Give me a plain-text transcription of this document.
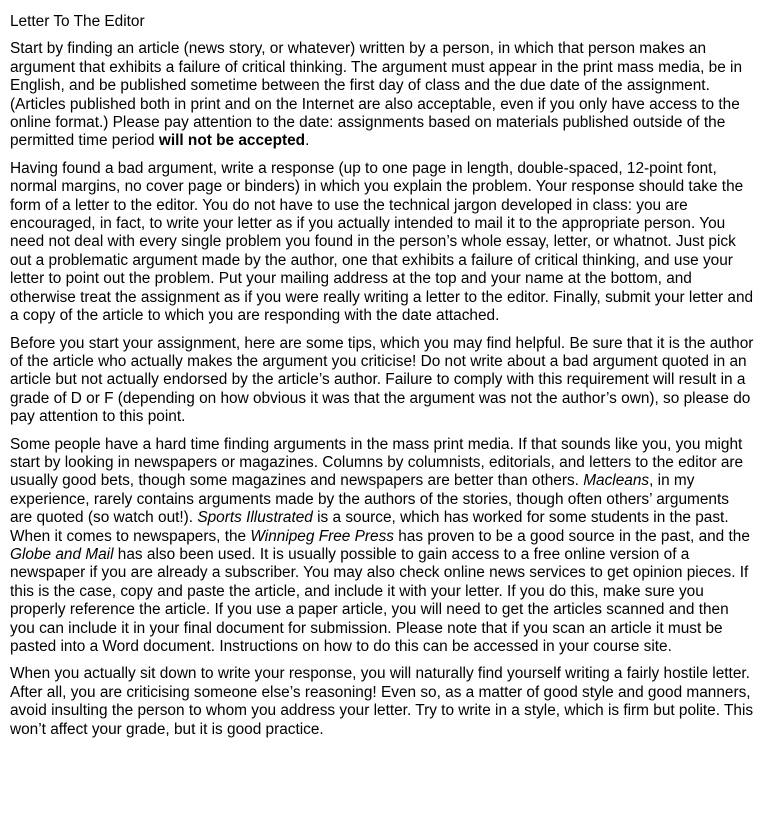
Letter To The Editor
Start by finding an article (news story, or whatever) written by a person, in which that person makes an argument that exhibits a failure of critical thinking. The argument must appear in the print mass media, be in English, and be published sometime between the first day of class and the due date of the assignment. (Articles published both in print and on the Internet are also acceptable, even if you only have access to the online format.) Please pay attention to the date: assignments based on materials published outside of the permitted time period will not be accepted.
Having found a bad argument, write a response (up to one page in length, double-spaced, 12-point font, normal margins, no cover page or binders) in which you explain the problem. Your response should take the form of a letter to the editor. You do not have to use the technical jargon developed in class: you are encouraged, in fact, to write your letter as if you actually intended to mail it to the appropriate person. You need not deal with every single problem you found in the person’s whole essay, letter, or whatnot. Just pick out a problematic argument made by the author, one that exhibits a failure of critical thinking, and use your letter to point out the problem. Put your mailing address at the top and your name at the bottom, and otherwise treat the assignment as if you were really writing a letter to the editor. Finally, submit your letter and a copy of the article to which you are responding with the date attached.
Before you start your assignment, here are some tips, which you may find helpful. Be sure that it is the author of the article who actually makes the argument you criticise! Do not write about a bad argument quoted in an article but not actually endorsed by the article’s author. Failure to comply with this requirement will result in a grade of D or F (depending on how obvious it was that the argument was not the author’s own), so please do pay attention to this point.
Some people have a hard time finding arguments in the mass print media. If that sounds like you, you might start by looking in newspapers or magazines. Columns by columnists, editorials, and letters to the editor are usually good bets, though some magazines and newspapers are better than others. Macleans, in my experience, rarely contains arguments made by the authors of the stories, though often others’ arguments are quoted (so watch out!). Sports Illustrated is a source, which has worked for some students in the past. When it comes to newspapers, the Winnipeg Free Press has proven to be a good source in the past, and the Globe and Mail has also been used. It is usually possible to gain access to a free online version of a newspaper if you are already a subscriber. You may also check online news services to get opinion pieces. If this is the case, copy and paste the article, and include it with your letter. If you do this, make sure you properly reference the article. If you use a paper article, you will need to get the articles scanned and then you can include it in your final document for submission. Please note that if you scan an article it must be pasted into a Word document. Instructions on how to do this can be accessed in your course site.
When you actually sit down to write your response, you will naturally find yourself writing a fairly hostile letter. After all, you are criticising someone else’s reasoning! Even so, as a matter of good style and good manners, avoid insulting the person to whom you address your letter. Try to write in a style, which is firm but polite. This won’t affect your grade, but it is good practice.
